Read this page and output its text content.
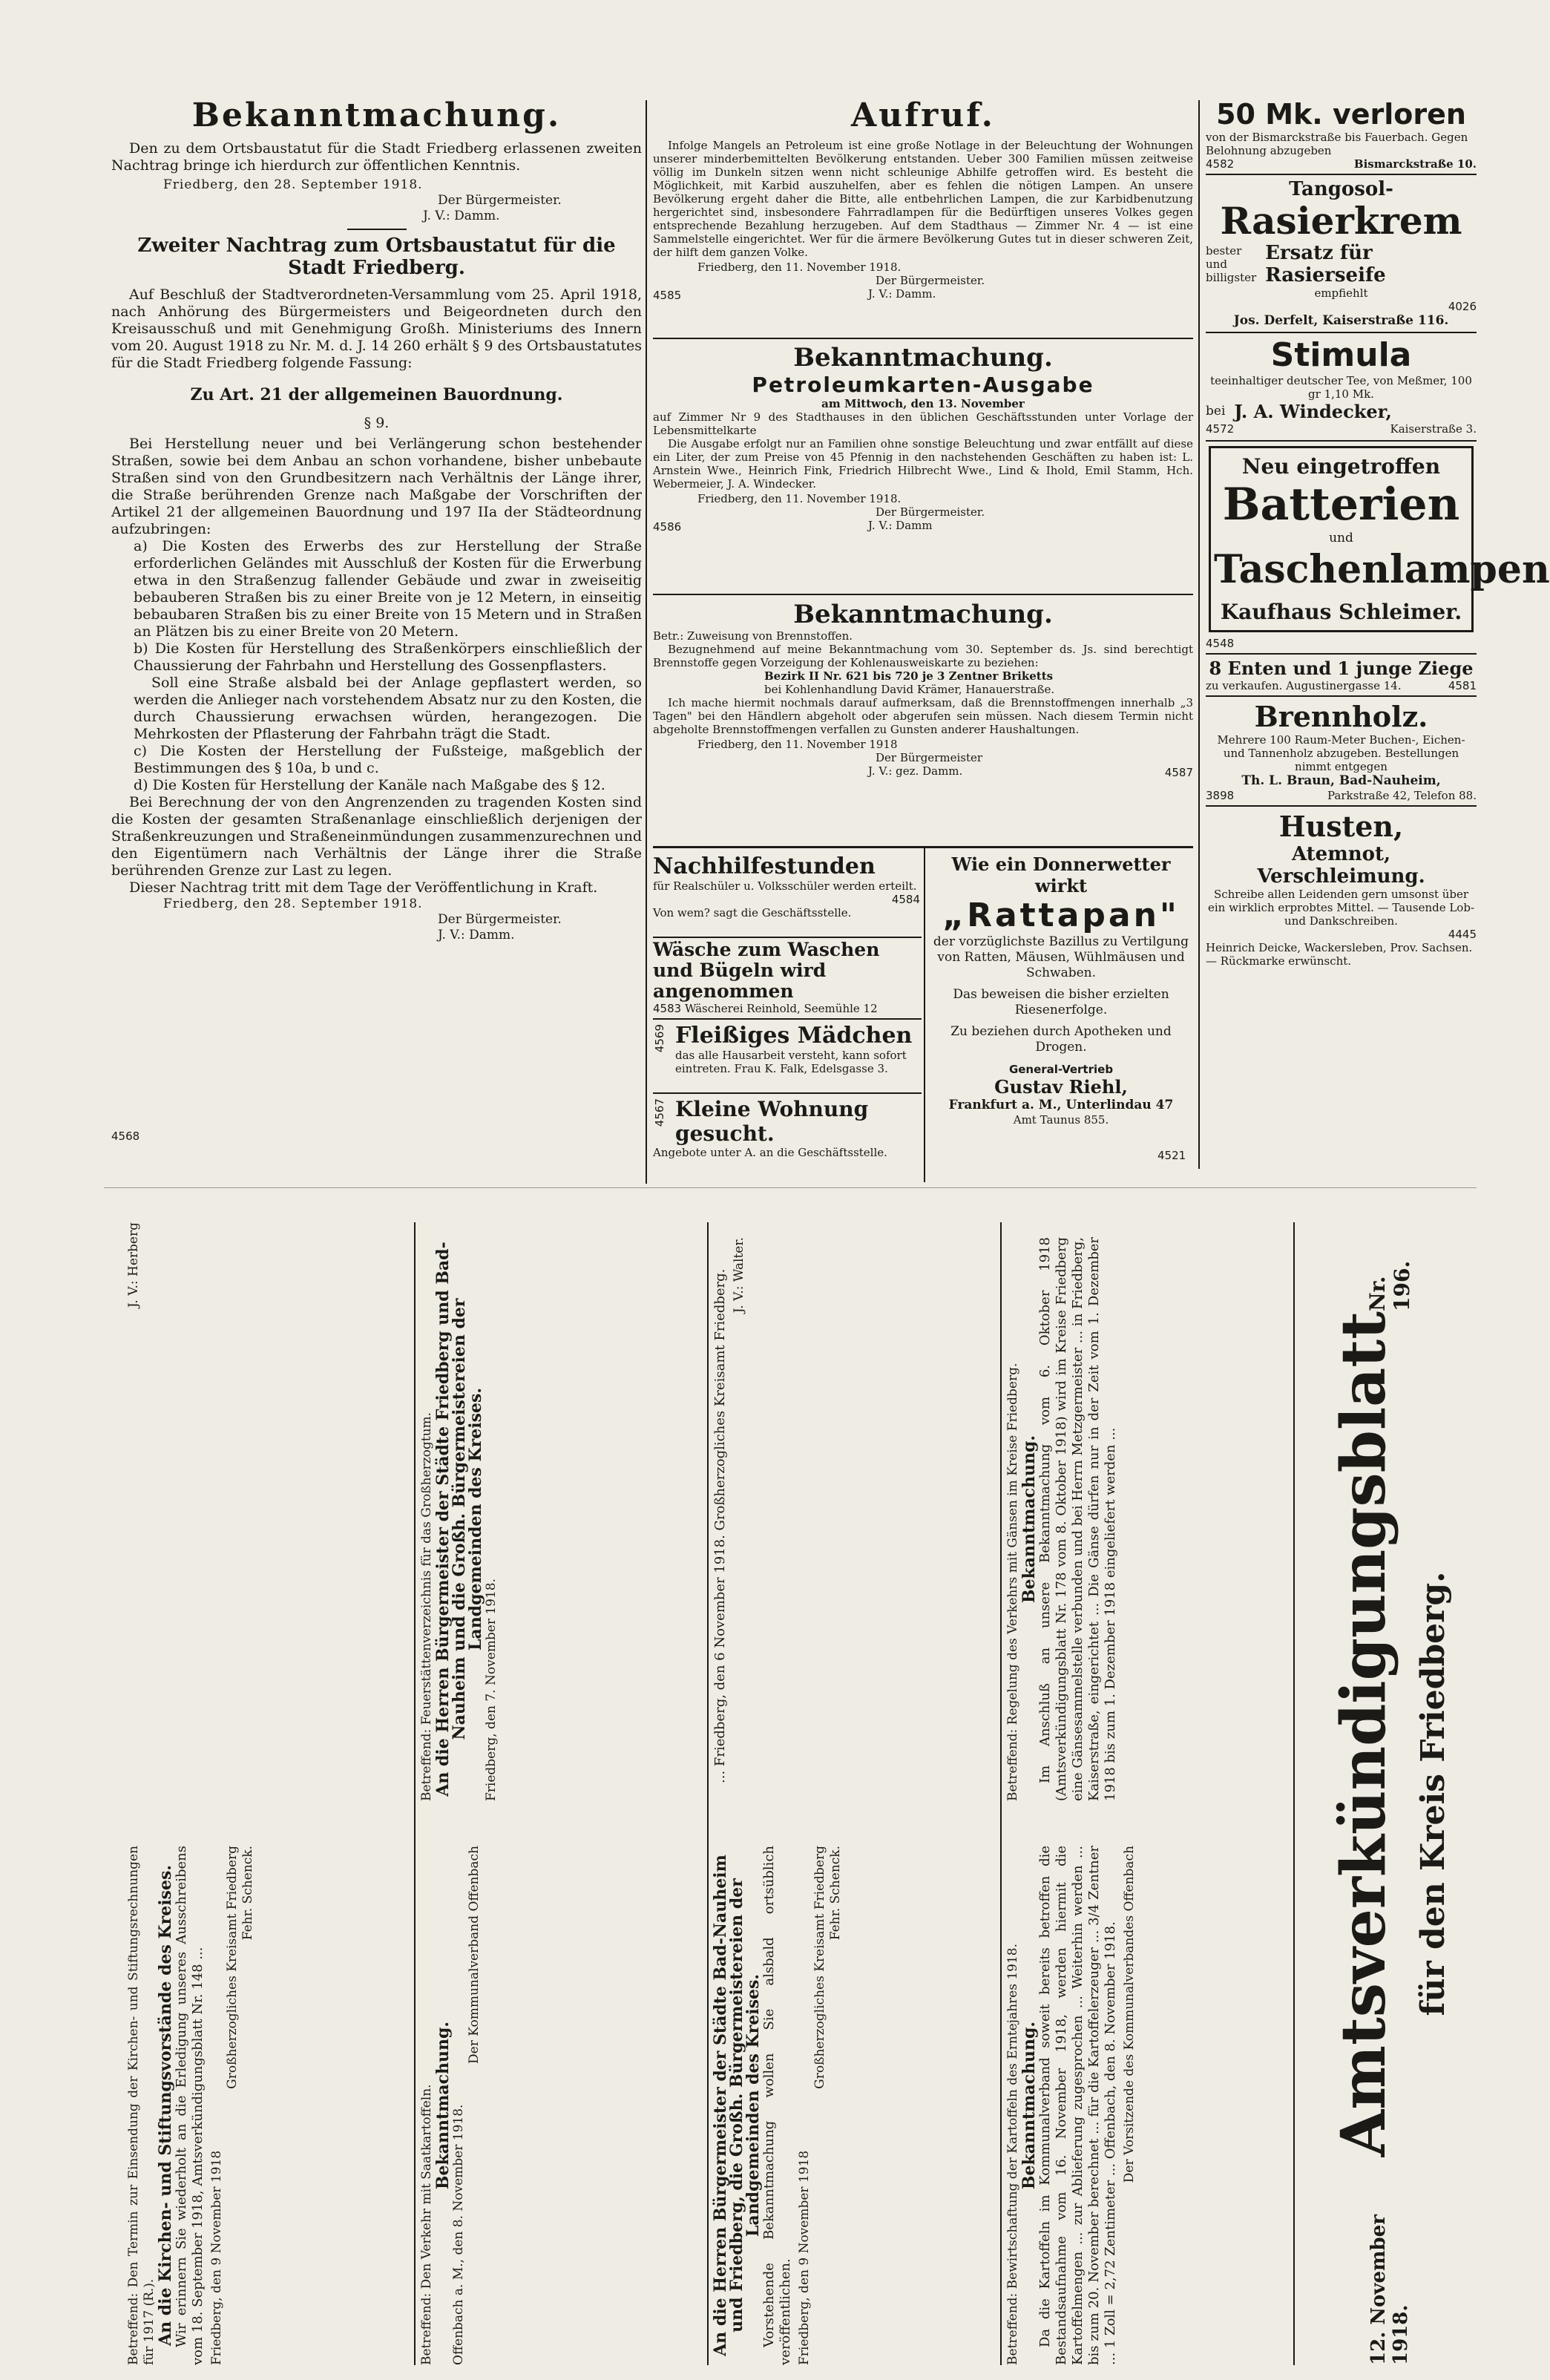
Bekanntmachung.
Den zu dem Ortsbaustatut für die Stadt Friedberg erlassenen zweiten Nachtrag bringe ich hierdurch zur öffentlichen Kenntnis.
Friedberg, den 28. September 1918.
Der Bürgermeister.
J. V.: Damm.
Zweiter Nachtrag zum Ortsbaustatut für die Stadt Friedberg.
Auf Beschluß der Stadtverordneten-Versammlung vom 25. April 1918, nach Anhörung des Bürgermeisters und Beigeordneten durch den Kreisausschuß und mit Genehmigung Großh. Ministeriums des Innern vom 20. August 1918 zu Nr. M. d. J. 14 260 erhält § 9 des Ortsbaustatutes für die Stadt Friedberg folgende Fassung:
Zu Art. 21 der allgemeinen Bauordnung.
§ 9.
Bei Herstellung neuer und bei Verlängerung schon bestehender Straßen, sowie bei dem Anbau an schon vorhandene, bisher unbebaute Straßen sind von den Grundbesitzern nach Verhältnis der Länge ihrer, die Straße berührenden Grenze nach Maßgabe der Vorschriften der Artikel 21 der allgemeinen Bauordnung und 197 IIa der Städteordnung aufzubringen:
a) Die Kosten des Erwerbs des zur Herstellung der Straße erforderlichen Geländes mit Ausschluß der Kosten für die Erwerbung etwa in den Straßenzug fallender Gebäude und zwar in zweiseitig bebauberen Straßen bis zu einer Breite von je 12 Metern, in einseitig bebaubaren Straßen bis zu einer Breite von 15 Metern und in Straßen an Plätzen bis zu einer Breite von 20 Metern.
b) Die Kosten für Herstellung des Straßenkörpers einschließlich der Chaussierung der Fahrbahn und Herstellung des Gossenpflasters.
Soll eine Straße alsbald bei der Anlage gepflastert werden, so werden die Anlieger nach vorstehendem Absatz nur zu den Kosten, die durch Chaussierung erwachsen würden, herangezogen. Die Mehrkosten der Pflasterung der Fahrbahn trägt die Stadt.
c) Die Kosten der Herstellung der Fußsteige, maßgeblich der Bestimmungen des § 10a, b und c.
d) Die Kosten für Herstellung der Kanäle nach Maßgabe des § 12.
Bei Berechnung der von den Angrenzenden zu tragenden Kosten sind die Kosten der gesamten Straßenanlage einschließlich derjenigen der Straßenkreuzungen und Straßeneinmündungen zusammenzurechnen und den Eigentümern nach Verhältnis der Länge ihrer die Straße berührenden Grenze zur Last zu legen.
Dieser Nachtrag tritt mit dem Tage der Veröffentlichung in Kraft.
Friedberg, den 28. September 1918.
Der Bürgermeister.
J. V.: Damm.
4568
Aufruf.
Infolge Mangels an Petroleum ist eine große Notlage in der Beleuchtung der Wohnungen unserer minderbemittelten Bevölkerung entstanden. Ueber 300 Familien müssen zeitweise völlig im Dunkeln sitzen wenn nicht schleunige Abhilfe getroffen wird. Es besteht die Möglichkeit, mit Karbid auszuhelfen, aber es fehlen die nötigen Lampen. An unsere Bevölkerung ergeht daher die Bitte, alle entbehrlichen Lampen, die zur Karbidbenutzung hergerichtet sind, insbesondere Fahrradlampen für die Bedürftigen unseres Volkes gegen entsprechende Bezahlung herzugeben. Auf dem Stadthaus — Zimmer Nr. 4 — ist eine Sammelstelle eingerichtet. Wer für die ärmere Bevölkerung Gutes tut in dieser schweren Zeit, der hilft dem ganzen Volke.
Friedberg, den 11. November 1918.
Der Bürgermeister.
J. V.: Damm.
4585
Bekanntmachung.
Petroleumkarten-Ausgabe
am Mittwoch, den 13. November
auf Zimmer Nr 9 des Stadthauses in den üblichen Geschäftsstunden unter Vorlage der Lebensmittelkarte
Die Ausgabe erfolgt nur an Familien ohne sonstige Beleuchtung und zwar entfällt auf diese ein Liter, der zum Preise von 45 Pfennig in den nachstehenden Geschäften zu haben ist: L. Arnstein Wwe., Heinrich Fink, Friedrich Hilbrecht Wwe., Lind & Ihold, Emil Stamm, Hch. Webermeier, J. A. Windecker.
Friedberg, den 11. November 1918.
Der Bürgermeister.
J. V.: Damm
4586
Bekanntmachung.
Betr.: Zuweisung von Brennstoffen.
Bezugnehmend auf meine Bekanntmachung vom 30. September ds. Js. sind berechtigt Brennstoffe gegen Vorzeigung der Kohlenausweiskarte zu beziehen:
Bezirk II Nr. 621 bis 720 je 3 Zentner Briketts
bei Kohlenhandlung David Krämer, Hanauerstraße.
Ich mache hiermit nochmals darauf aufmerksam, daß die Brennstoffmengen innerhalb „3 Tagen" bei den Händlern abgeholt oder abgerufen sein müssen. Nach diesem Termin nicht abgeholte Brennstoffmengen verfallen zu Gunsten anderer Haushaltungen.
Friedberg, den 11. November 1918
Der Bürgermeister
J. V.: gez. Damm.	4587
Nachhilfestunden
für Realschüler u. Volksschüler werden erteilt.
4584
Von wem? sagt die Geschäftsstelle.
Wäsche zum Waschen und Bügeln wird angenommen
4583 Wäscherei Reinhold, Seemühle 12
Fleißiges Mädchen
das alle Hausarbeit versteht, kann sofort eintreten. Frau K. Falk, Edelsgasse 3.
4569
Kleine Wohnung gesucht.
Angebote unter A. an die Geschäftsstelle.
4567
Wie ein Donnerwetter wirkt
„Rattapan"
der vorzüglichste Bazillus zu Vertilgung von Ratten, Mäusen, Wühlmäusen und Schwaben.
Das beweisen die bisher erzielten Riesenerfolge.
Zu beziehen durch Apotheken und Drogen.
General-Vertrieb
Gustav Riehl,
Frankfurt a. M., Unterlindau 47
Amt Taunus 855.
4521
50 Mk. verloren
von der Bismarckstraße bis Fauerbach. Gegen Belohnung abzugeben
4582	Bismarckstraße 10.
Tangosol-
Rasierkrem
bester und billigster
Ersatz für Rasierseife
empfiehlt
4026
Jos. Derfelt, Kaiserstraße 116.
Stimula
teeinhaltiger deutscher Tee, von Meßmer, 100 gr 1,10 Mk.
bei J. A. Windecker,
4572	Kaiserstraße 3.
Neu eingetroffen
Batterien
und
Taschenlampen
Kaufhaus Schleimer.
4548
8 Enten und 1 junge Ziege
zu verkaufen. Augustinergasse 14.	4581
Brennholz.
Mehrere 100 Raum-Meter Buchen-, Eichen- und Tannenholz abzugeben. Bestellungen nimmt entgegen
Th. L. Braun, Bad-Nauheim,
3898	Parkstraße 42, Telefon 88.
Husten,
Atemnot, Verschleimung.
Schreibe allen Leidenden gern umsonst über ein wirklich erprobtes Mittel. — Tausende Lob- und Dankschreiben.
4445
Heinrich Deicke, Wackersleben, Prov. Sachsen. — Rückmarke erwünscht.
12. November 1918.
Amtsverkündigungsblatt
Nr. 196.
für den Kreis Friedberg.
Betreffend: Bewirtschaftung der Kartoffeln des Erntejahres 1918. Bekanntmachung.

Da die Kartoffeln im Kommunalverband soweit bereits betroffen die Bestandsaufnahme vom 16. November 1918, werden hiermit die Kartoffelmengen ... zur Ablieferung zugesprochen ... Weiterhin werden ... bis zum 20. November berechnet ... für die Kartoffelerzeuger ... 3/4 Zentner ... 1 Zoll = 2,72 Zentimeter ... Offenbach, den 8. November 1918. Der Vorsitzende des Kommunalverbandes Offenbach
Betreffend: Regelung des Verkehrs mit Gänsen im Kreise Friedberg. Bekanntmachung.

Im Anschluß an unsere Bekanntmachung vom 6. Oktober 1918 (Amtsverkündigungsblatt Nr. 178 vom 8. Oktober 1918) wird im Kreise Friedberg eine Gänsesammelstelle verbunden und bei Herrn Metzgermeister ... in Friedberg, Kaiserstraße, eingerichtet ... Die Gänse dürfen nur in der Zeit vom 1. Dezember 1918 bis zum 1. Dezember 1918 eingeliefert werden ...

An die Herren Bürgermeister der Städte Bad-Nauheim und Friedberg, die Großh. Bürgermeistereien der Landgemeinden des Kreises.

Vorstehende Bekanntmachung wollen Sie alsbald ortsüblich veröffentlichen. Friedberg, den 9 November 1918
Großherzogliches Kreisamt Friedberg Fehr. Schenck.

... Friedberg, den 6 November 1918. Großherzogliches Kreisamt Friedberg. J. V.: Walter.
Betreffend: Den Verkehr mit Saatkartoffeln. Bekanntmachung.
Offenbach a. M., den 8. November 1918.
Der Kommunalverband Offenbach
Betreffend: Feuerstättenverzeichnis für das Großherzogtum. An die Herren Bürgermeister der Städte Friedberg und Bad-Nauheim und die Großh. Bürgermeistereien der Landgemeinden des Kreises.
Friedberg, den 7. November 1918.
Betreffend: Den Termin zur Einsendung der Kirchen- und Stiftungsrechnungen für 1917 (R.). An die Kirchen- und Stiftungsvorstände des Kreises.

Wir erinnern Sie wiederholt an die Erledigung unseres Ausschreibens vom 18. September 1918, Amtsverkündigungsblatt Nr. 148 ... Friedberg, den 9 November 1918
Großherzogliches Kreisamt Friedberg Fehr. Schenck.
J. V.: Herberg
